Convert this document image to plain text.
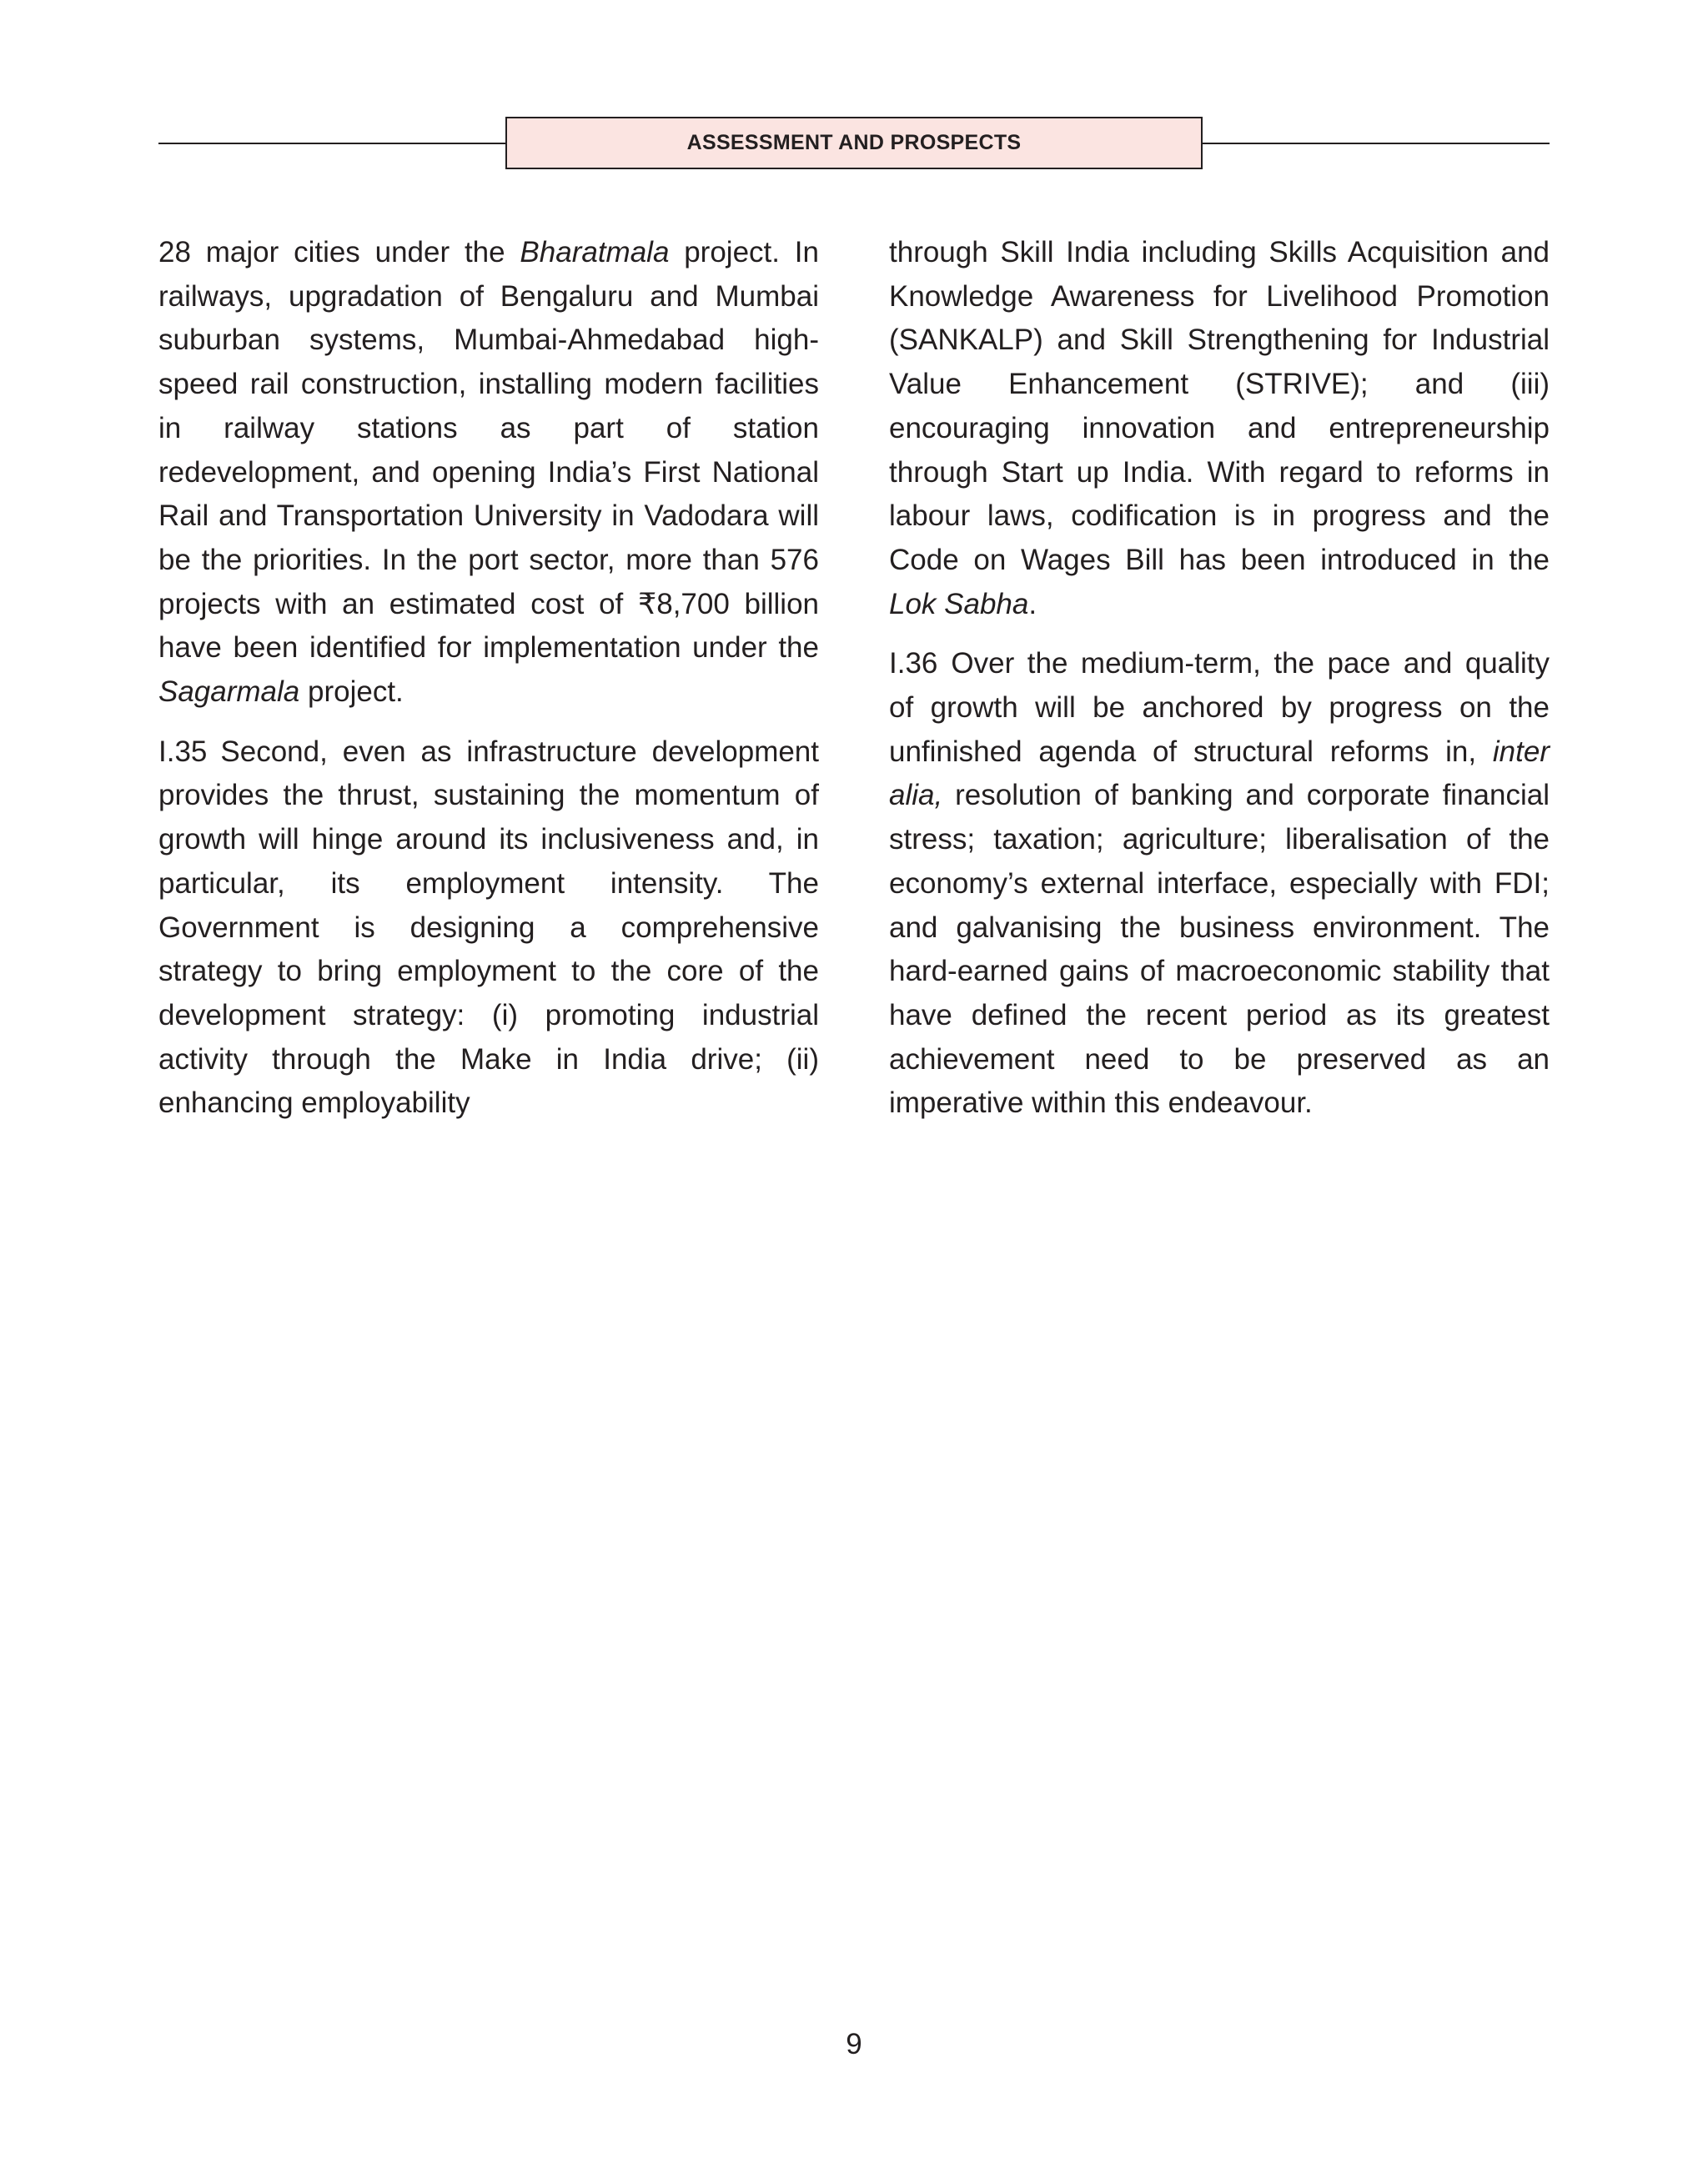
ASSESSMENT AND PROSPECTS

28 major cities under the Bharatmala project. In railways, upgradation of Bengaluru and Mumbai suburban systems, Mumbai-Ahmedabad high-speed rail construction, installing modern facilities in railway stations as part of station redevelopment, and opening India’s First National Rail and Transportation University in Vadodara will be the priorities. In the port sector, more than 576 projects with an estimated cost of ₹8,700 billion have been identified for implementation under the Sagarmala project.

I.35 Second, even as infrastructure development provides the thrust, sustaining the momentum of growth will hinge around its inclusiveness and, in particular, its employment intensity. The Government is designing a comprehensive strategy to bring employment to the core of the development strategy: (i) promoting industrial activity through the Make in India drive; (ii) enhancing employability

through Skill India including Skills Acquisition and Knowledge Awareness for Livelihood Promotion (SANKALP) and Skill Strengthening for Industrial Value Enhancement (STRIVE); and (iii) encouraging innovation and entrepreneurship through Start up India. With regard to reforms in labour laws, codification is in progress and the Code on Wages Bill has been introduced in the Lok Sabha.

I.36 Over the medium-term, the pace and quality of growth will be anchored by progress on the unfinished agenda of structural reforms in, inter alia, resolution of banking and corporate financial stress; taxation; agriculture; liberalisation of the economy’s external interface, especially with FDI; and galvanising the business environment. The hard-earned gains of macroeconomic stability that have defined the recent period as its greatest achievement need to be preserved as an imperative within this endeavour.

9
